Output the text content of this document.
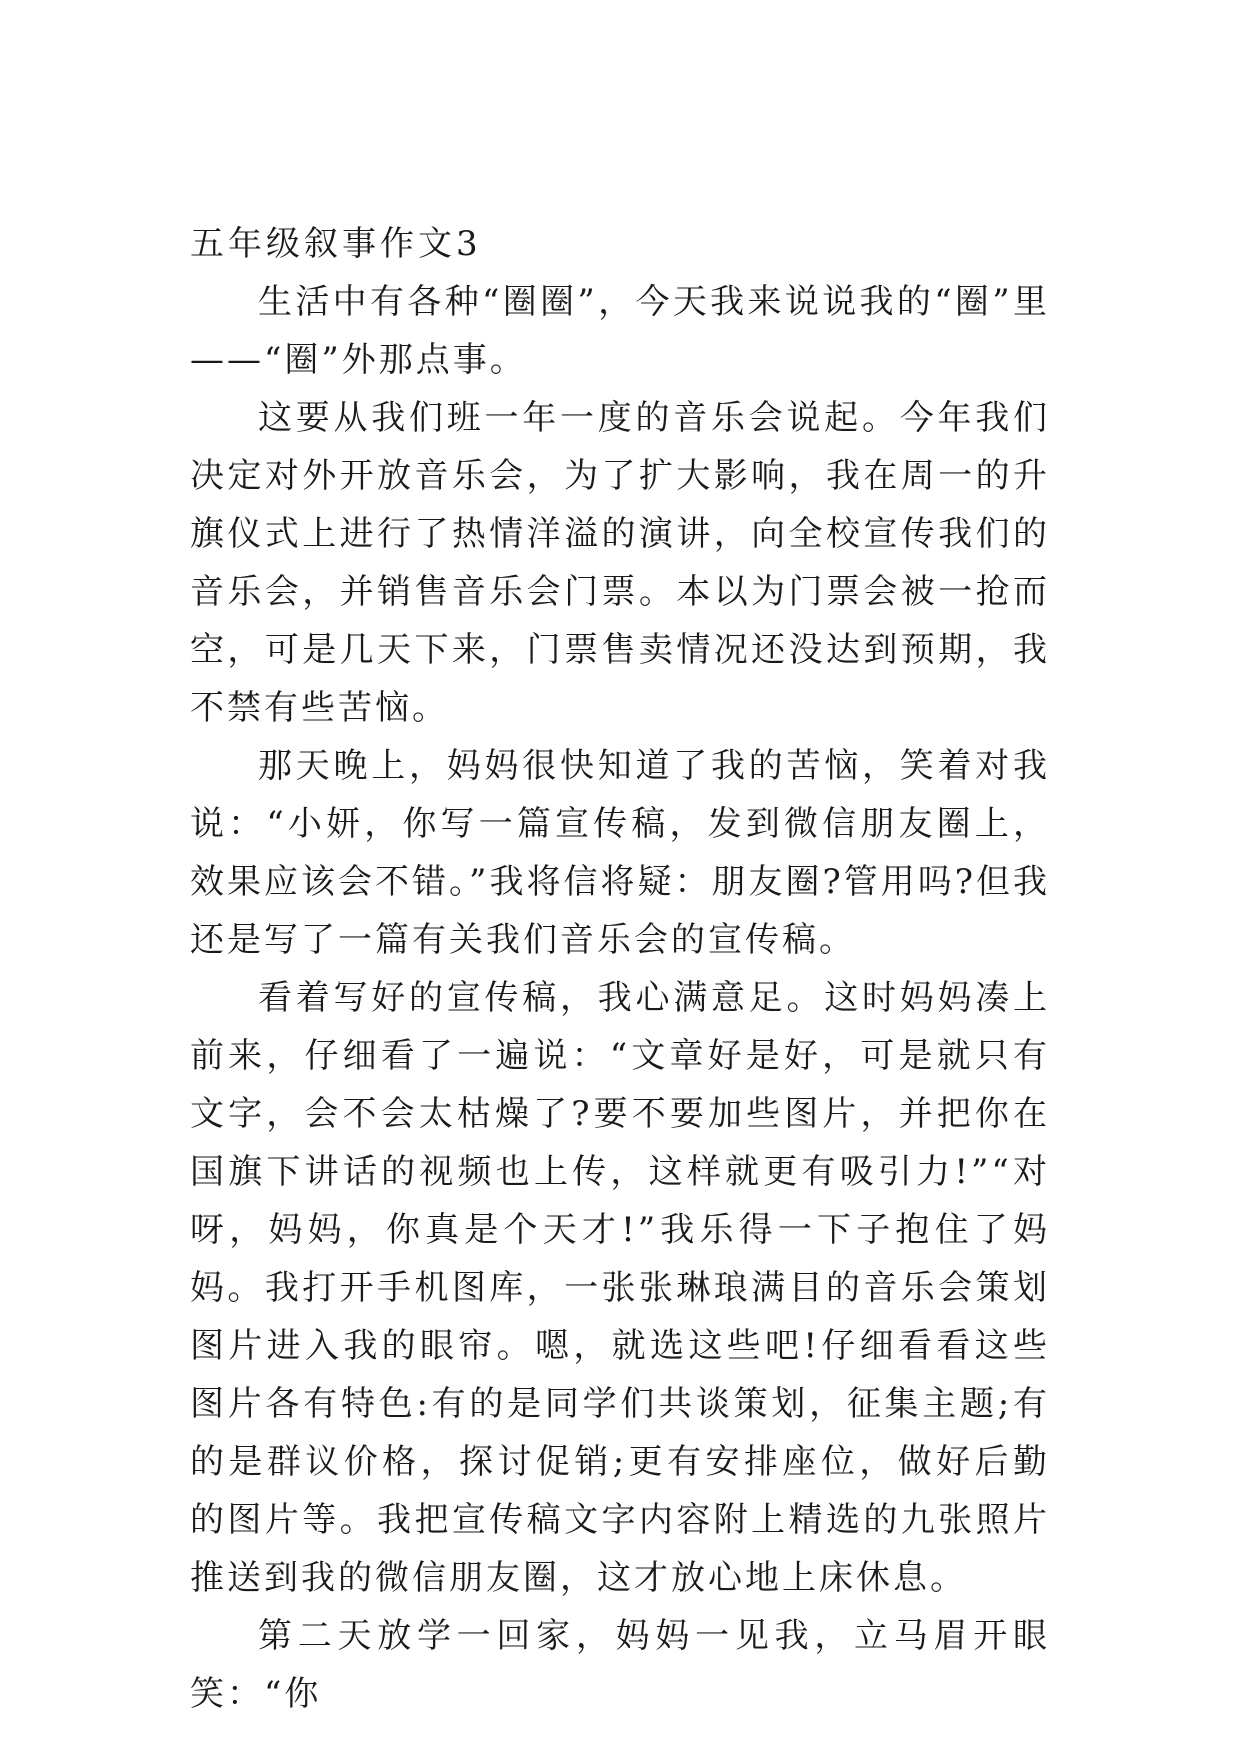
五年级叙事作文3

生活中有各种“圈圈”，今天我来说说我的“圈”里——“圈”外那点事。

这要从我们班一年一度的音乐会说起。今年我们决定对外开放音乐会，为了扩大影响，我在周一的升旗仪式上进行了热情洋溢的演讲，向全校宣传我们的音乐会，并销售音乐会门票。本以为门票会被一抢而空，可是几天下来，门票售卖情况还没达到预期，我不禁有些苦恼。

那天晚上，妈妈很快知道了我的苦恼，笑着对我说：“小妍，你写一篇宣传稿，发到微信朋友圈上，效果应该会不错。”我将信将疑：朋友圈?管用吗?但我还是写了一篇有关我们音乐会的宣传稿。

看着写好的宣传稿，我心满意足。这时妈妈凑上前来，仔细看了一遍说：“文章好是好，可是就只有文字，会不会太枯燥了?要不要加些图片，并把你在国旗下讲话的视频也上传，这样就更有吸引力!”“对呀，妈妈，你真是个天才!”我乐得一下子抱住了妈妈。我打开手机图库，一张张琳琅满目的音乐会策划图片进入我的眼帘。嗯，就选这些吧!仔细看看这些图片各有特色:有的是同学们共谈策划，征集主题;有的是群议价格，探讨促销;更有安排座位，做好后勤的图片等。我把宣传稿文字内容附上精选的九张照片推送到我的微信朋友圈，这才放心地上床休息。

第二天放学一回家，妈妈一见我，立马眉开眼笑：“你
